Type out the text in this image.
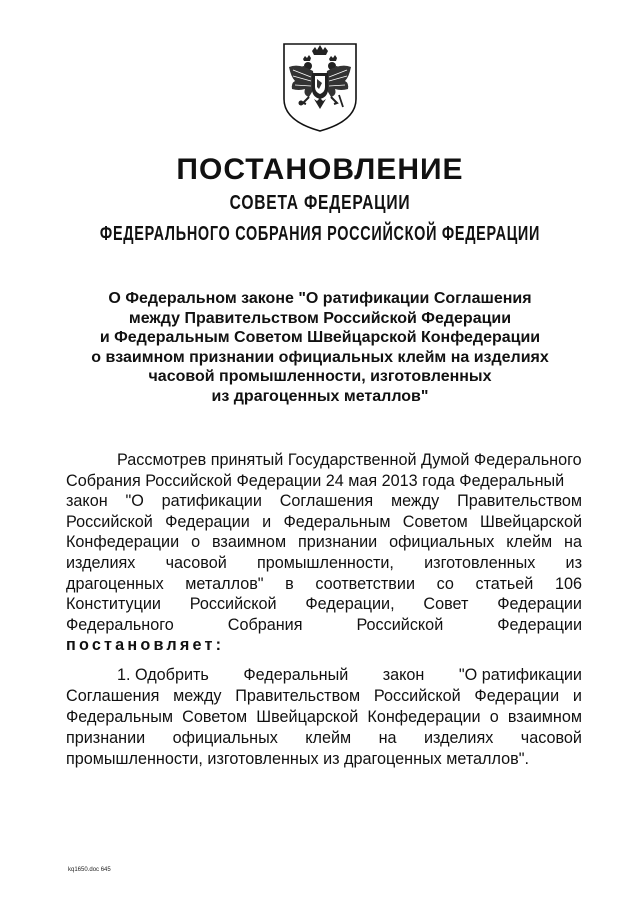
ПОСТАНОВЛЕНИЕ
СОВЕТА ФЕДЕРАЦИИ
ФЕДЕРАЛЬНОГО СОБРАНИЯ РОССИЙСКОЙ ФЕДЕРАЦИИ
О Федеральном законе "О ратификации Соглашения
между Правительством Российской Федерации
и Федеральным Советом Швейцарской Конфедерации
о взаимном признании официальных клейм на изделиях
часовой промышленности, изготовленных
из драгоценных металлов"
Рассмотрев принятый Государственной Думой Федерального
Собрания Российской Федерации 24 мая 2013 года Федеральный
закон "О ратификации Соглашения между Правительством
Российской Федерации и Федеральным Советом Швейцарской
Конфедерации о взаимном признании официальных клейм на
изделиях часовой промышленности, изготовленных из
драгоценных металлов" в соответствии со статьей 106
Конституции Российской Федерации, Совет Федерации
Федерального	Собрания	Российской	Федерации
постановляет:
1. Одобрить Федеральный закон "О ратификации
Соглашения между Правительством Российской Федерации и
Федеральным Советом Швейцарской Конфедерации о взаимном
признании официальных клейм на изделиях часовой
промышленности, изготовленных из драгоценных металлов".
kq1650.doc 645
